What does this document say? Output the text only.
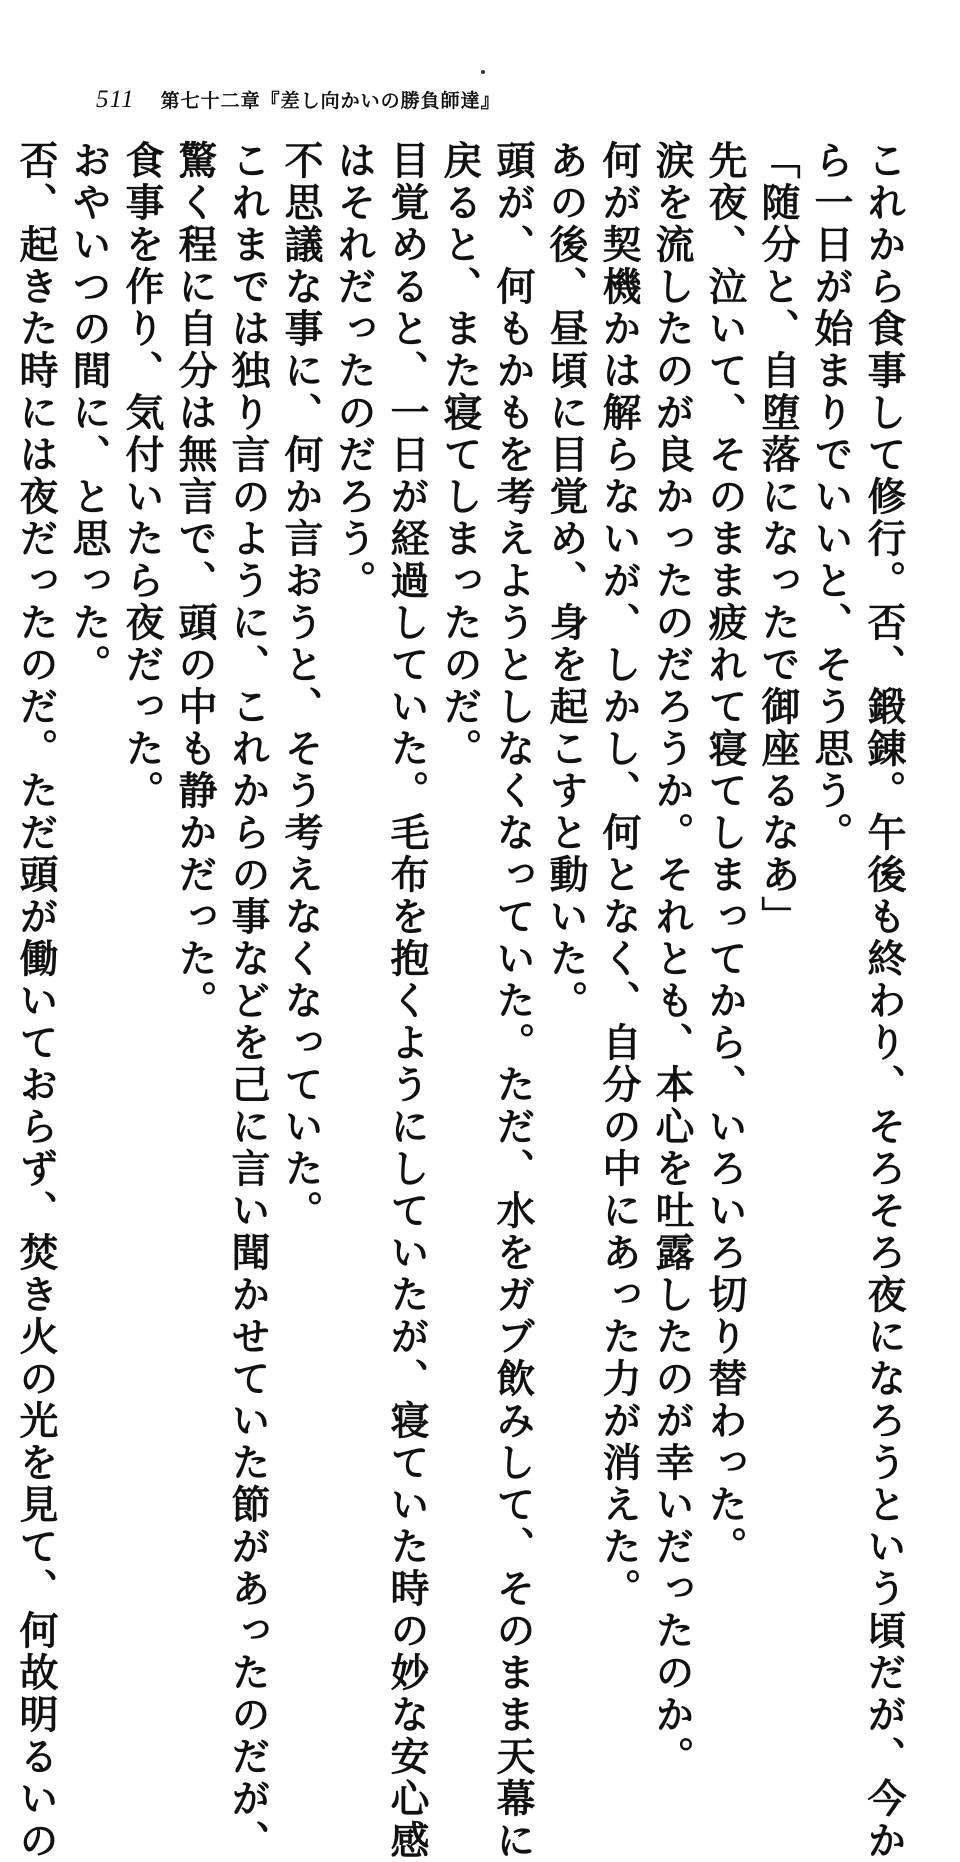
511 第七十二章『差し向かいの勝負師達』
これから食事して修行。否、鍛錬。午後も終わり、そろそろ夜になろうという頃だが、今か
ら一日が始まりでいいと、そう思う。
「随分と、自堕落になったで御座るなあ」
先夜、泣いて、そのまま疲れて寝てしまってから、いろいろ切り替わった。
涙を流したのが良かったのだろうか。それとも、本心を吐露したのが幸いだったのか。
何が契機かは解らないが、しかし、何となく、自分の中にあった力が消えた。
あの後、昼頃に目覚め、身を起こすと動いた。
頭が、何もかもを考えようとしなくなっていた。ただ、水をガブ飲みして、そのまま天幕に
戻ると、また寝てしまったのだ。
目覚めると、一日が経過していた。毛布を抱くようにしていたが、寝ていた時の妙な安心感
はそれだったのだろう。
不思議な事に、何か言おうと、そう考えなくなっていた。
これまでは独り言のように、これからの事などを己に言い聞かせていた節があったのだが、
驚く程に自分は無言で、頭の中も静かだった。
食事を作り、気付いたら夜だった。
おやいつの間に、と思った。
否、起きた時には夜だったのだ。ただ頭が働いておらず、焚き火の光を見て、何故明るいの
